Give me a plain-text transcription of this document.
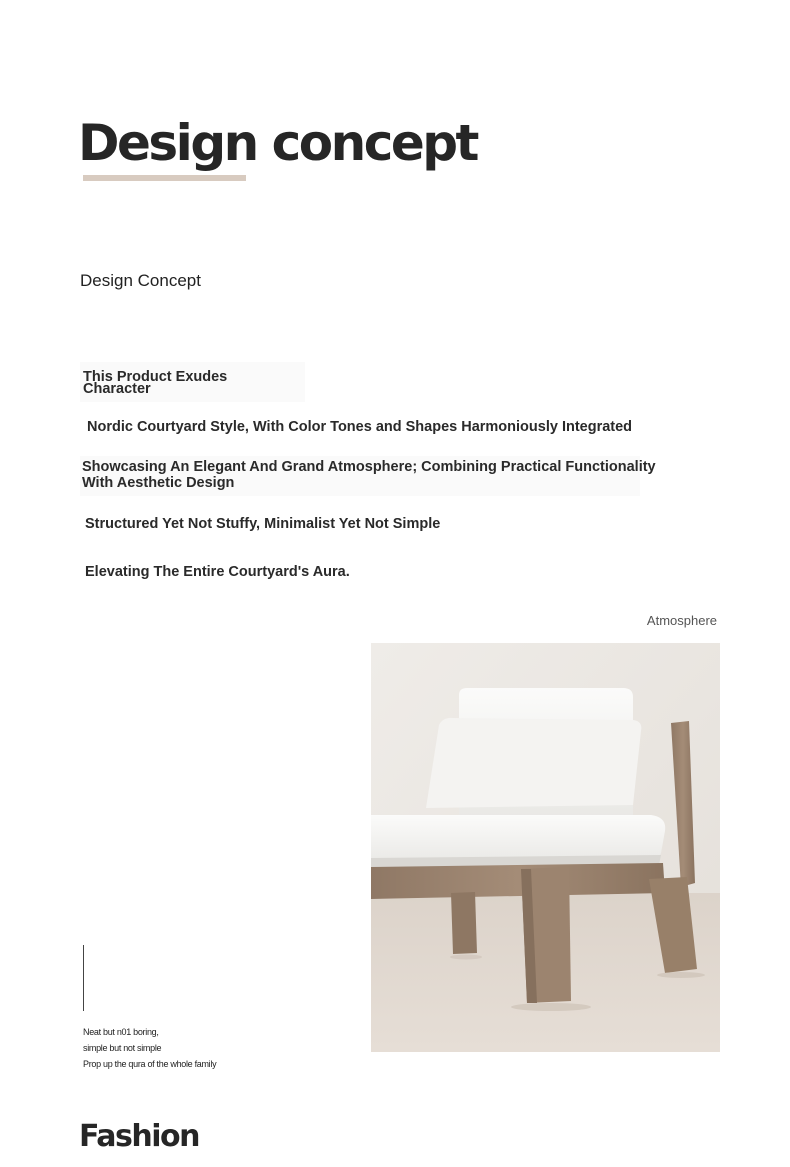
Design concept
Design Concept
This Product Exudes
Character
Nordic Courtyard Style, With Color Tones and Shapes Harmoniously Integrated
Showcasing An Elegant And Grand Atmosphere; Combining Practical Functionality
With Aesthetic Design
Structured Yet Not Stuffy, Minimalist Yet Not Simple
Elevating The Entire Courtyard's Aura.
Atmosphere
Neat but n01 boring,
simple but not simple
Prop up the qura of the whole family
Fashion
